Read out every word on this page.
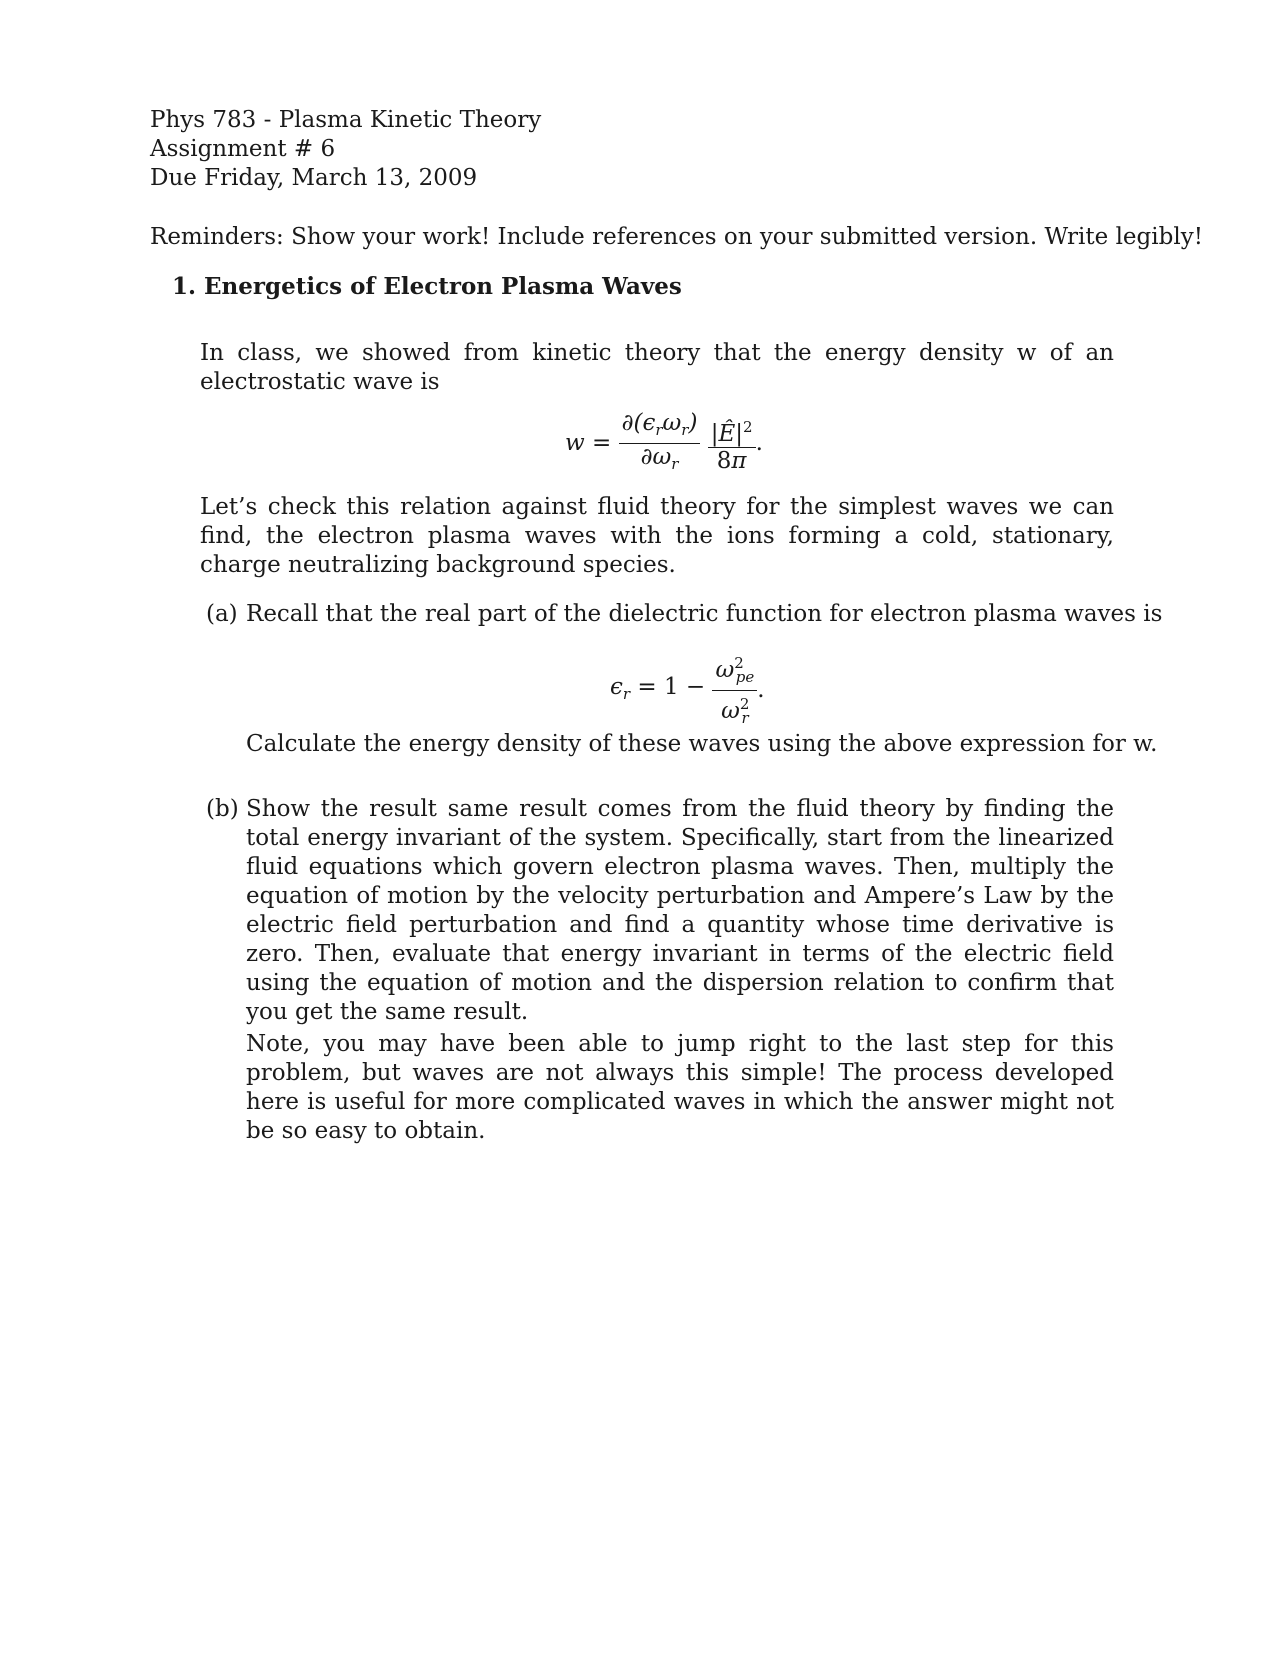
Phys 783 - Plasma Kinetic Theory
Assignment # 6
Due Friday, March 13, 2009
Reminders: Show your work! Include references on your submitted version. Write legibly!
1. Energetics of Electron Plasma Waves
In class, we showed from kinetic theory that the energy density w of an electrostatic wave is
$w = \frac{\partial(\epsilon_r\omega_r)}{\partial\omega_r}$
$\frac{|Ê|^2}{8\pi}$ .
Let’s check this relation against fluid theory for the simplest waves we can find, the electron plasma waves with the ions forming a cold, stationary, charge neutralizing background species.
(a) Recall that the real part of the dielectric function for electron plasma waves is
$\epsilon_r = 1 - \frac{\omega^2_{pe}}{\omega^2_r}$ .
Calculate the energy density of these waves using the above expression for w.
(b) Show the result same result comes from the fluid theory by finding the total energy invariant of the system. Specifically, start from the linearized fluid equations which govern electron plasma waves. Then, multiply the equation of motion by the velocity perturbation and Ampere’s Law by the electric field perturbation and find a quantity whose time derivative is zero. Then, evaluate that energy invariant in terms of the electric field using the equation of motion and the dispersion relation to confirm that you get the same result.
Note, you may have been able to jump right to the last step for this problem, but waves are not always this simple! The process developed here is useful for more complicated waves in which the answer might not be so easy to obtain.
